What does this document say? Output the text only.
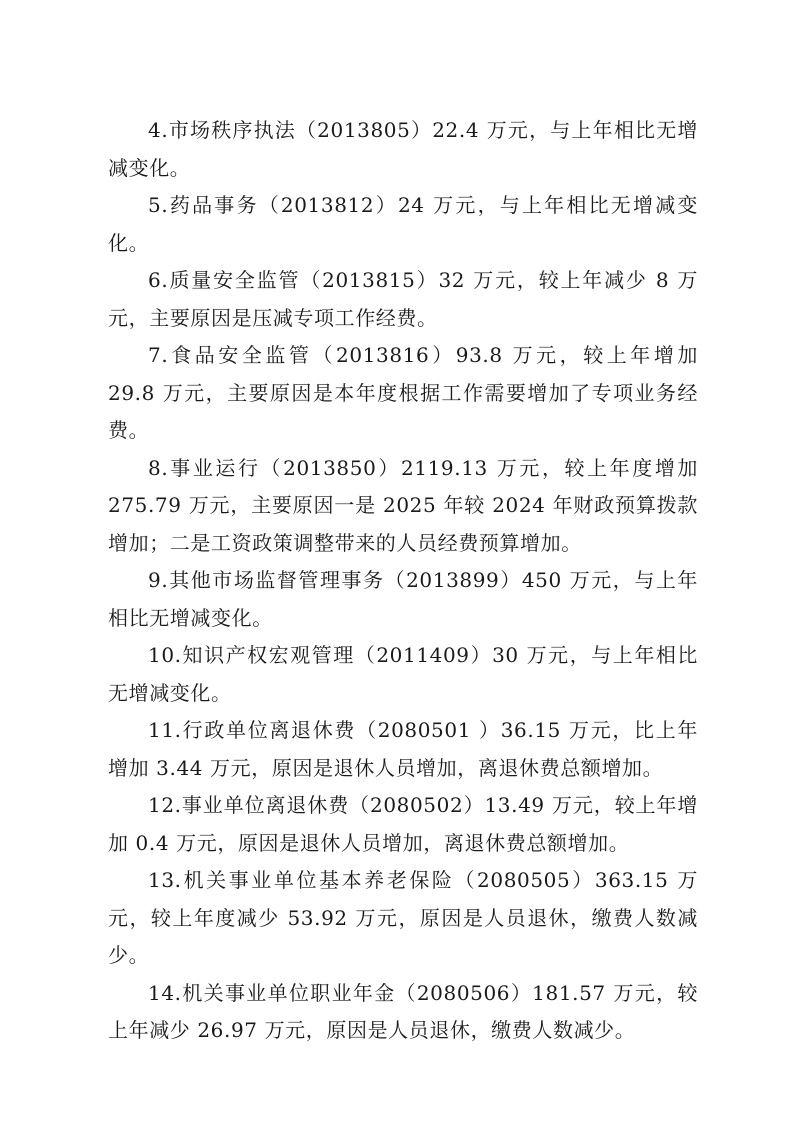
4.市场秩序执法（2013805）22.4 万元，与上年相比无增减变化。

5.药品事务（2013812）24 万元，与上年相比无增减变化。

6.质量安全监管（2013815）32 万元，较上年减少 8 万元，主要原因是压减专项工作经费。

7.食品安全监管（2013816）93.8 万元，较上年增加 29.8 万元，主要原因是本年度根据工作需要增加了专项业务经费。

8.事业运行（2013850）2119.13 万元，较上年度增加 275.79 万元，主要原因一是 2025 年较 2024 年财政预算拨款增加；二是工资政策调整带来的人员经费预算增加。

9.其他市场监督管理事务（2013899）450 万元，与上年相比无增减变化。

10.知识产权宏观管理（2011409）30 万元，与上年相比无增减变化。

11.行政单位离退休费（2080501 ）36.15 万元，比上年增加 3.44 万元，原因是退休人员增加，离退休费总额增加。

12.事业单位离退休费（2080502）13.49 万元，较上年增加 0.4 万元，原因是退休人员增加，离退休费总额增加。

13.机关事业单位基本养老保险（2080505）363.15 万元，较上年度减少 53.92 万元，原因是人员退休，缴费人数减少。

14.机关事业单位职业年金（2080506）181.57 万元，较上年减少 26.97 万元，原因是人员退休，缴费人数减少。
